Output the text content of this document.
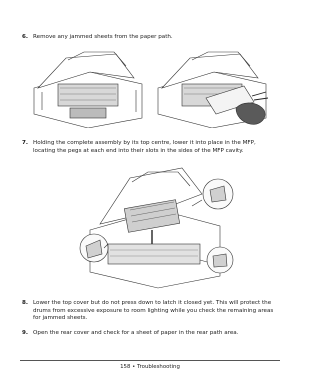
6. Remove any jammed sheets from the paper path.
7. Holding the complete assembly by its top centre, lower it into place in the MFP, locating the pegs at each end into their slots in the sides of the MFP cavity.
8. Lower the top cover but do not press down to latch it closed yet. This will protect the drums from excessive exposure to room lighting while you check the remaining areas for jammed sheets.
9. Open the rear cover and check for a sheet of paper in the rear path area.
158 • Troubleshooting
